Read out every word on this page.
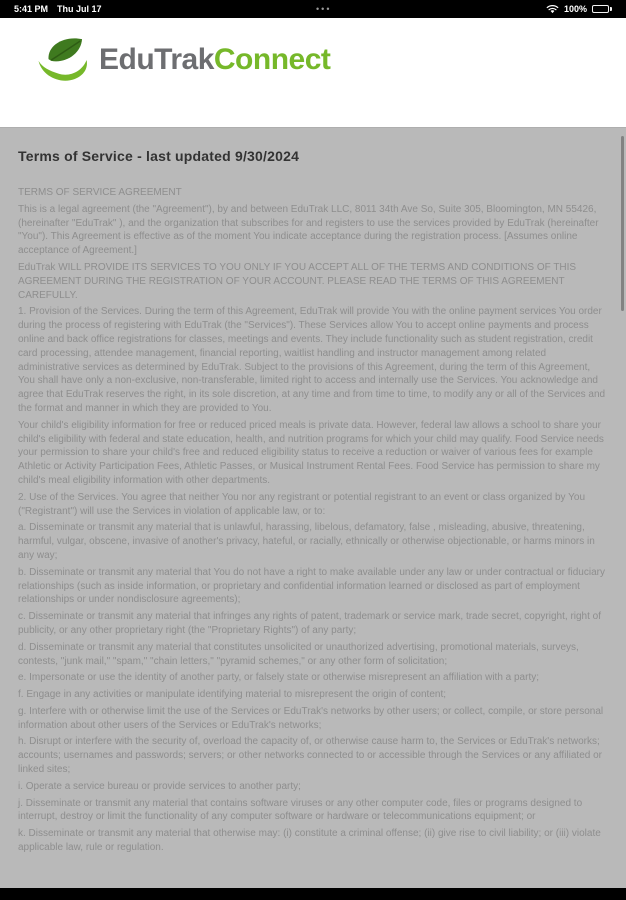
5:41 PM Thu Jul 17	•••	100%
EduTrakConnect
Terms of Service - last updated 9/30/2024

TERMS OF SERVICE AGREEMENT

This is a legal agreement (the "Agreement"), by and between EduTrak LLC, 8011 34th Ave So, Suite 305, Bloomington, MN 55426, (hereinafter "EduTrak" ), and the organization that subscribes for and registers to use the services provided by EduTrak (hereinafter "You"). This Agreement is effective as of the moment You indicate acceptance during the registration process. [Assumes online acceptance of Agreement.]

EduTrak WILL PROVIDE ITS SERVICES TO YOU ONLY IF YOU ACCEPT ALL OF THE TERMS AND CONDITIONS OF THIS AGREEMENT DURING THE REGISTRATION OF YOUR ACCOUNT. PLEASE READ THE TERMS OF THIS AGREEMENT CAREFULLY.

1. Provision of the Services. During the term of this Agreement, EduTrak will provide You with the online payment services You order during the process of registering with EduTrak (the "Services"). These Services allow You to accept online payments and process online and back office registrations for classes, meetings and events. They include functionality such as student registration, credit card processing, attendee management, financial reporting, waitlist handling and instructor management among related administrative services as determined by EduTrak. Subject to the provisions of this Agreement, during the term of this Agreement, You shall have only a non-exclusive, non-transferable, limited right to access and internally use the Services. You acknowledge and agree that EduTrak reserves the right, in its sole discretion, at any time and from time to time, to modify any or all of the Services and the format and manner in which they are provided to You.

Your child's eligibility information for free or reduced priced meals is private data. However, federal law allows a school to share your child's eligibility with federal and state education, health, and nutrition programs for which your child may qualify. Food Service needs your permission to share your child's free and reduced eligibility status to receive a reduction or waiver of various fees for example Athletic or Activity Participation Fees, Athletic Passes, or Musical Instrument Rental Fees. Food Service has permission to share my child's meal eligibility information with other departments.

2. Use of the Services. You agree that neither You nor any registrant or potential registrant to an event or class organized by You ("Registrant") will use the Services in violation of applicable law, or to:

a. Disseminate or transmit any material that is unlawful, harassing, libelous, defamatory, false , misleading, abusive, threatening, harmful, vulgar, obscene, invasive of another's privacy, hateful, or racially, ethnically or otherwise objectionable, or harms minors in any way;

b. Disseminate or transmit any material that You do not have a right to make available under any law or under contractual or fiduciary relationships (such as inside information, or proprietary and confidential information learned or disclosed as part of employment relationships or under nondisclosure agreements);

c. Disseminate or transmit any material that infringes any rights of patent, trademark or service mark, trade secret, copyright, right of publicity, or any other proprietary right (the "Proprietary Rights") of any party;

d. Disseminate or transmit any material that constitutes unsolicited or unauthorized advertising, promotional materials, surveys, contests, "junk mail," "spam," "chain letters," "pyramid schemes," or any other form of solicitation;

e. Impersonate or use the identity of another party, or falsely state or otherwise misrepresent an affiliation with a party;

f. Engage in any activities or manipulate identifying material to misrepresent the origin of content;

g. Interfere with or otherwise limit the use of the Services or EduTrak's networks by other users; or collect, compile, or store personal information about other users of the Services or EduTrak's networks;

h. Disrupt or interfere with the security of, overload the capacity of, or otherwise cause harm to, the Services or EduTrak's networks; accounts; usernames and passwords; servers; or other networks connected to or accessible through the Services or any affiliated or linked sites;

i. Operate a service bureau or provide services to another party;

j. Disseminate or transmit any material that contains software viruses or any other computer code, files or programs designed to interrupt, destroy or limit the functionality of any computer software or hardware or telecommunications equipment; or

k. Disseminate or transmit any material that otherwise may: (i) constitute a criminal offense; (ii) give rise to civil liability; or (iii) violate applicable law, rule or regulation.
